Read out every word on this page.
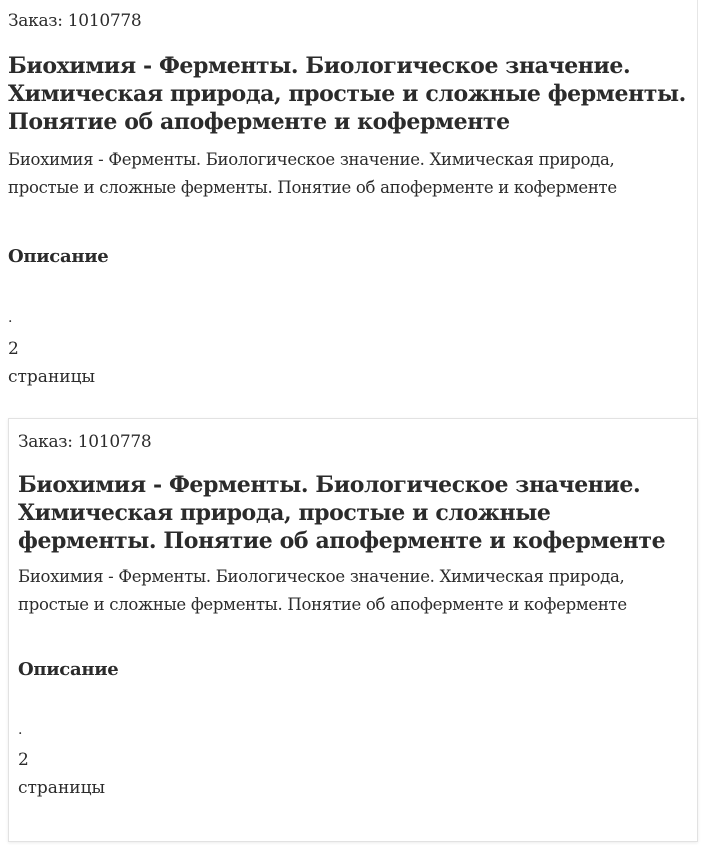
Заказ: 1010778
Биохимия - Ферменты. Биологическое значение. Химическая природа, простые и сложные ферменты. Понятие об апоферменте и коферменте

Биохимия - Ферменты. Биологическое значение. Химическая природа, простые и сложные ферменты. Понятие об апоферменте и коферменте

Описание
.
2
страницы
Заказ: 1010778
Биохимия - Ферменты. Биологическое значение. Химическая природа, простые и сложные ферменты. Понятие об апоферменте и коферменте

Биохимия - Ферменты. Биологическое значение. Химическая природа, простые и сложные ферменты. Понятие об апоферменте и коферменте

Описание
.
2
страницы
